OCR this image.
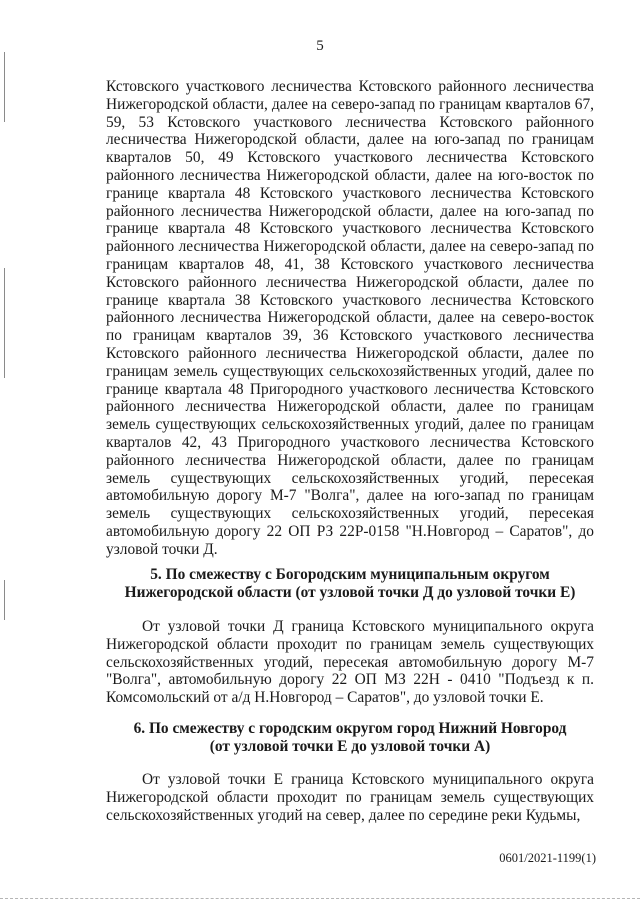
5

Кстовского участкового лесничества Кстовского районного лесничества Нижегородской области, далее на северо-запад по границам кварталов 67, 59, 53 Кстовского участкового лесничества Кстовского районного лесничества Нижегородской области, далее на юго-запад по границам кварталов 50, 49 Кстовского участкового лесничества Кстовского районного лесничества Нижегородской области, далее на юго-восток по границе квартала 48 Кстовского участкового лесничества Кстовского районного лесничества Нижегородской области, далее на юго-запад по границе квартала 48 Кстовского участкового лесничества Кстовского районного лесничества Нижегородской области, далее на северо-запад по границам кварталов 48, 41, 38 Кстовского участкового лесничества Кстовского районного лесничества Нижегородской области, далее по границе квартала 38 Кстовского участкового лесничества Кстовского районного лесничества Нижегородской области, далее на северо-восток по границам кварталов 39, 36 Кстовского участкового лесничества Кстовского районного лесничества Нижегородской области, далее по границам земель существующих сельскохозяйственных угодий, далее по границе квартала 48 Пригородного участкового лесничества Кстовского районного лесничества Нижегородской области, далее по границам земель существующих сельскохозяйственных угодий, далее по границам кварталов 42, 43 Пригородного участкового лесничества Кстовского районного лесничества Нижегородской области, далее по границам земель существующих сельскохозяйственных угодий, пересекая автомобильную дорогу М-7 "Волга", далее на юго-запад по границам земель существующих сельскохозяйственных угодий, пересекая автомобильную дорогу 22 ОП РЗ 22Р-0158 "Н.Новгород – Саратов", до узловой точки Д.

5. По смежеству с Богородским муниципальным округом
Нижегородской области (от узловой точки Д до узловой точки Е)

От узловой точки Д граница Кстовского муниципального округа Нижегородской области проходит по границам земель существующих сельскохозяйственных угодий, пересекая автомобильную дорогу М-7 "Волга", автомобильную дорогу 22 ОП МЗ 22Н - 0410 "Подъезд к п. Комсомольский от а/д Н.Новгород – Саратов", до узловой точки Е.

6. По смежеству с городским округом город Нижний Новгород
(от узловой точки Е до узловой точки А)

От узловой точки Е граница Кстовского муниципального округа Нижегородской области проходит по границам земель существующих сельскохозяйственных угодий на север, далее по середине реки Кудьмы,

0601/2021-1199(1)
